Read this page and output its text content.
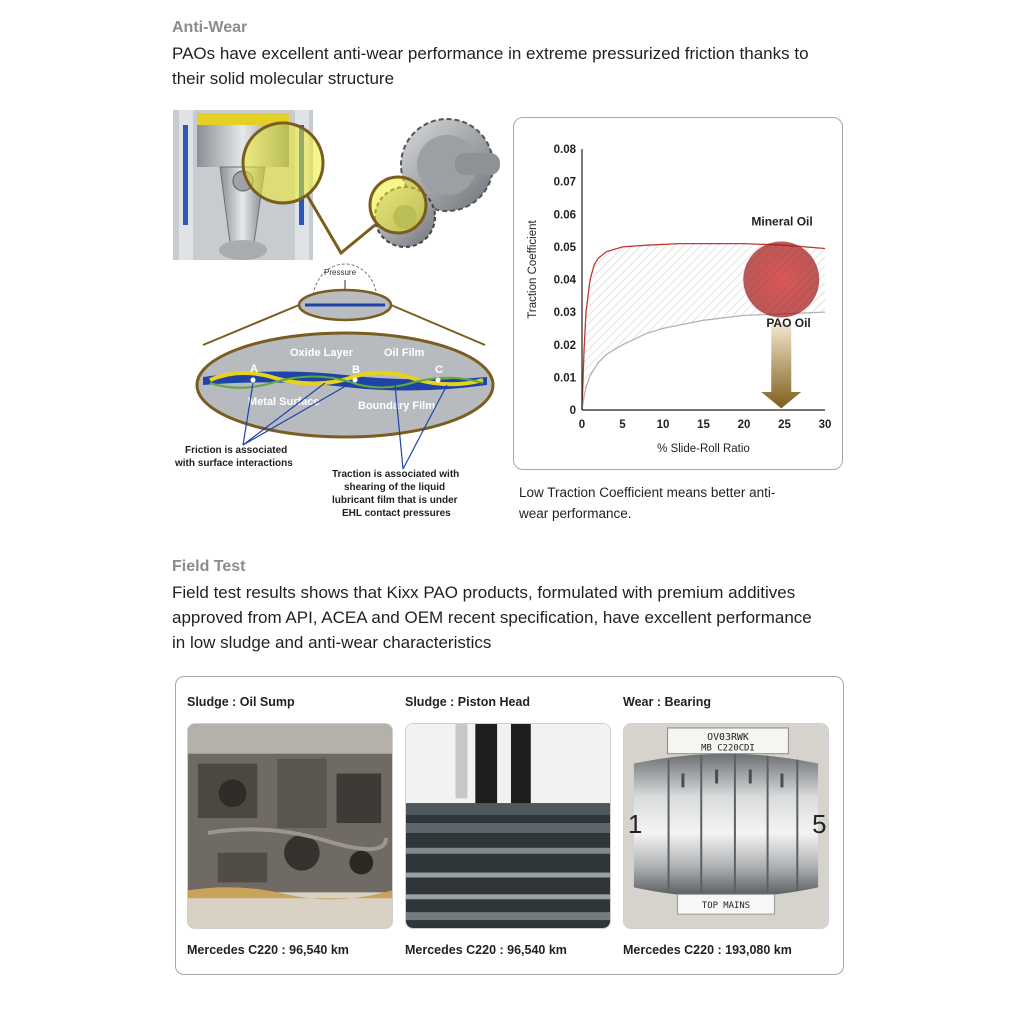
Anti-Wear
PAOs have excellent anti-wear performance in extreme pressurized friction thanks to
their solid molecular structure
Pressure
Oxide Layer	Oil Film
A	B	C
Metal Surface	Boundary Film
Friction is associated
with surface interactions
Traction is associated with
shearing of the liquid
lubricant film that is under
EHL contact pressures
0	5	10 15 20 25 30
0
0.01
0.02
0.03
0.04
0.05
0.06
0.07
0.08
Mineral Oil
PAO Oil
% Slide-Roll Ratio
Traction Coefficient
Low Traction Coefficient means better anti-
wear performance.
Field Test
Field test results shows that Kixx PAO products, formulated with premium additives
approved from API, ACEA and OEM recent specification, have excellent performance
in low sludge and anti-wear characteristics
Sludge : Oil Sump
Mercedes C220 : 96,540 km
Sludge : Piston Head
Mercedes C220 : 96,540 km
Wear : Bearing
OV03RWK
MB C220CDI
1	5
TOP MAINS
Mercedes C220 : 193,080 km
